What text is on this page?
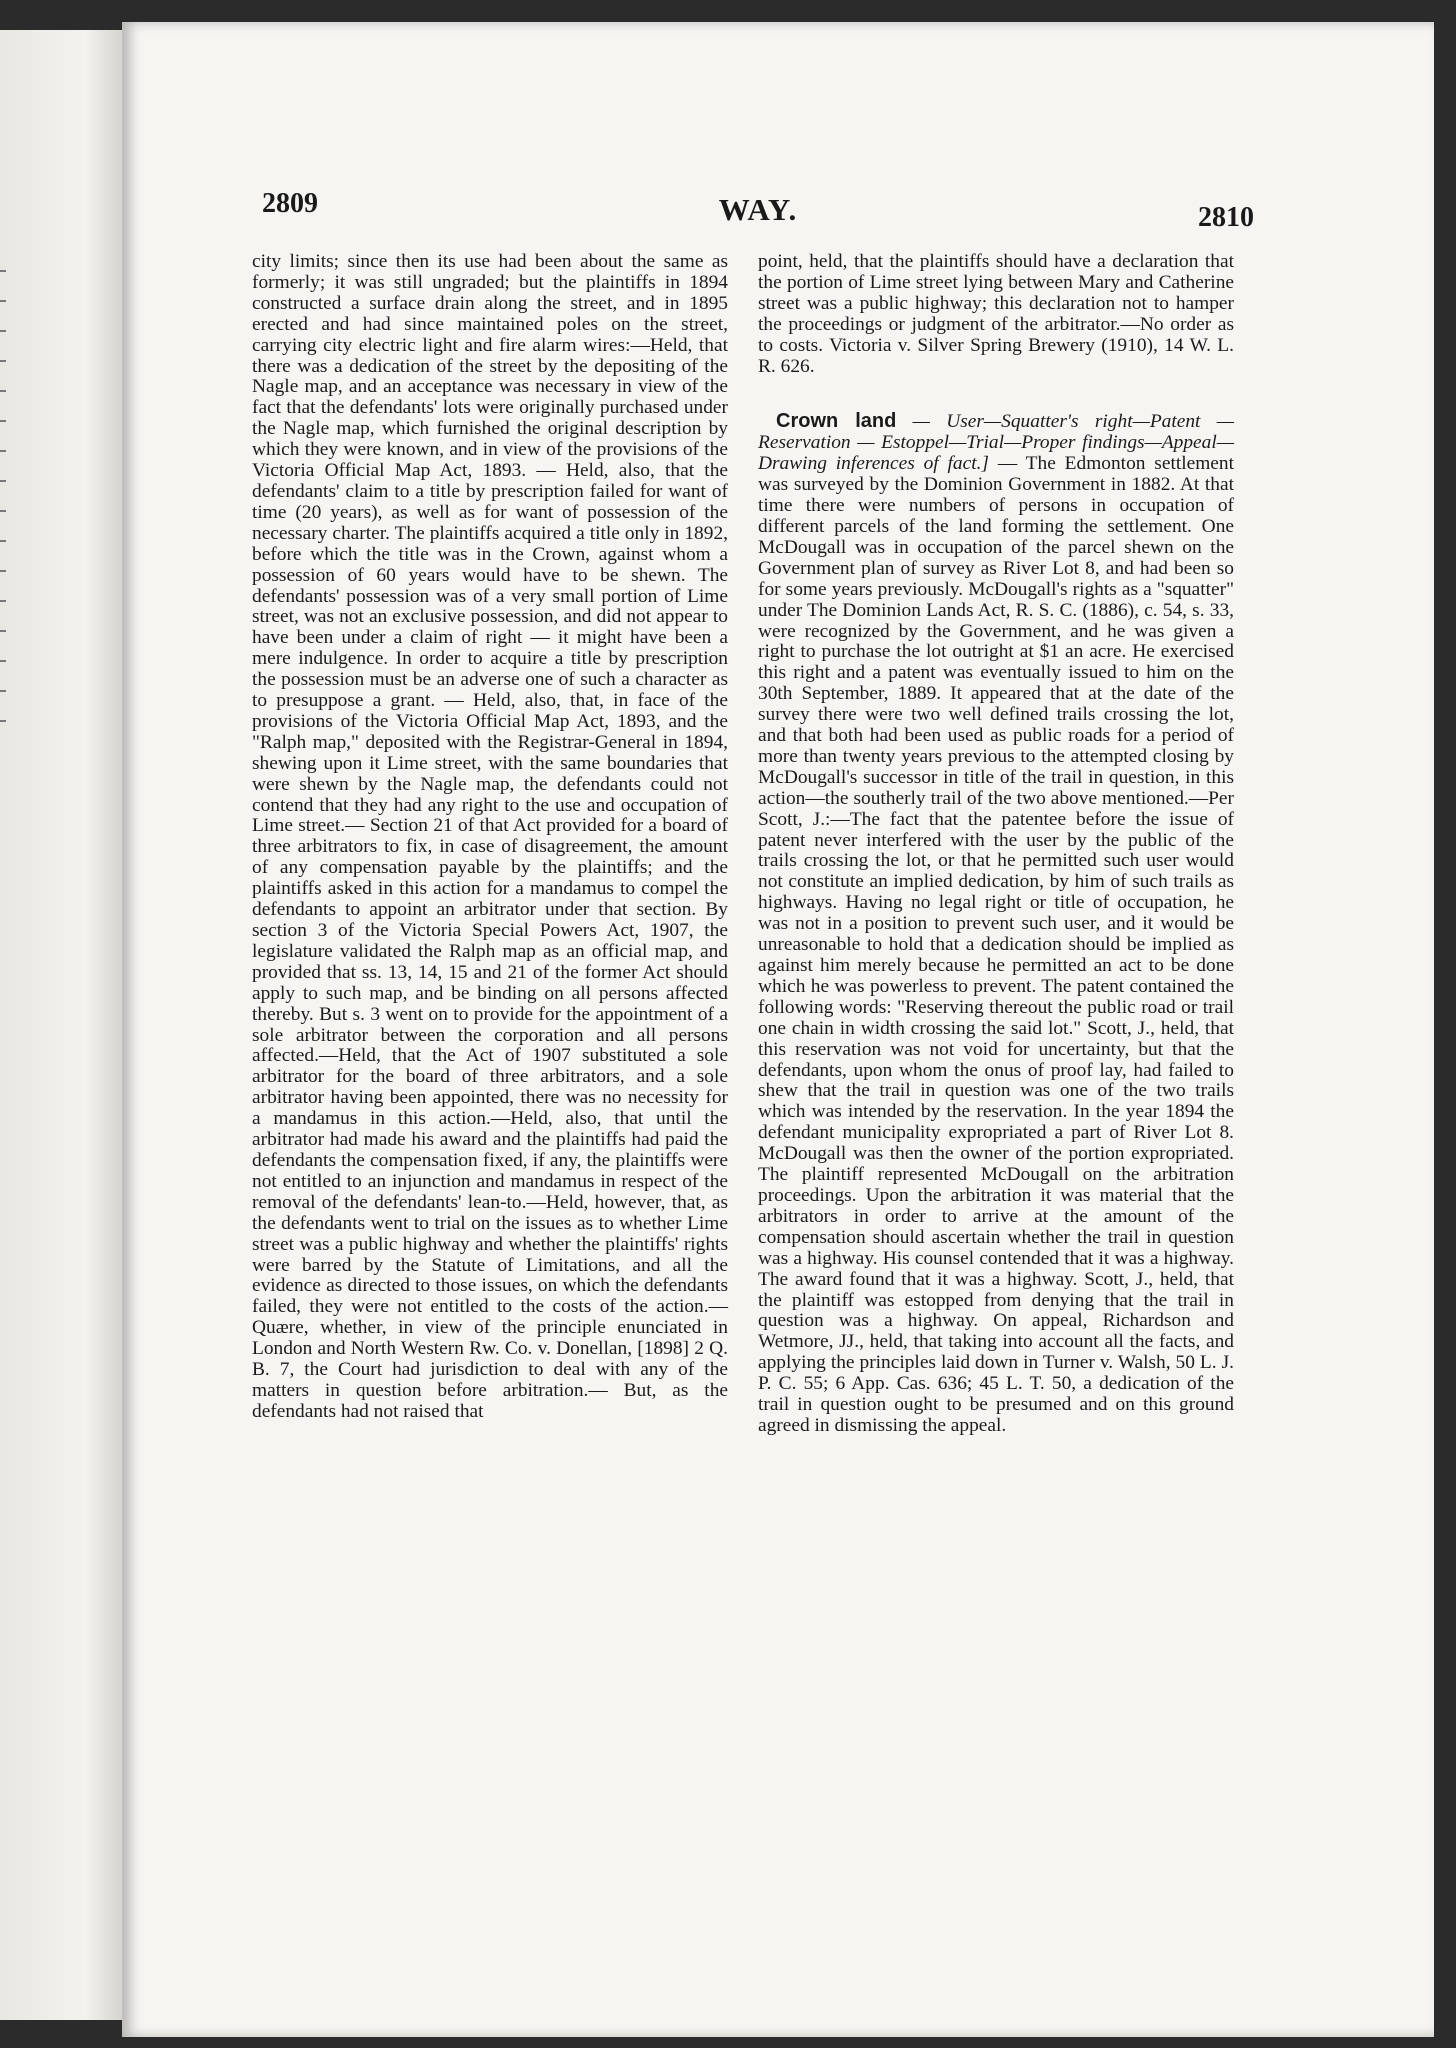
2809	WAY.	2810

city limits; since then its use had been about the same as formerly; it was still ungraded; but the plaintiffs in 1894 constructed a surface drain along the street, and in 1895 erected and had since maintained poles on the street, carrying city electric light and fire alarm wires:—Held, that there was a dedication of the street by the depositing of the Nagle map, and an acceptance was necessary in view of the fact that the defendants' lots were originally purchased under the Nagle map, which furnished the original description by which they were known, and in view of the provisions of the Victoria Official Map Act, 1893. — Held, also, that the defendants' claim to a title by prescription failed for want of time (20 years), as well as for want of possession of the necessary charter. The plaintiffs acquired a title only in 1892, before which the title was in the Crown, against whom a possession of 60 years would have to be shewn. The defendants' possession was of a very small portion of Lime street, was not an exclusive possession, and did not appear to have been under a claim of right — it might have been a mere indulgence. In order to acquire a title by prescription the possession must be an adverse one of such a character as to presuppose a grant. — Held, also, that, in face of the provisions of the Victoria Official Map Act, 1893, and the "Ralph map," deposited with the Registrar-General in 1894, shewing upon it Lime street, with the same boundaries that were shewn by the Nagle map, the defendants could not contend that they had any right to the use and occupation of Lime street.— Section 21 of that Act provided for a board of three arbitrators to fix, in case of disagreement, the amount of any compensation payable by the plaintiffs; and the plaintiffs asked in this action for a mandamus to compel the defendants to appoint an arbitrator under that section. By section 3 of the Victoria Special Powers Act, 1907, the legislature validated the Ralph map as an official map, and provided that ss. 13, 14, 15 and 21 of the former Act should apply to such map, and be binding on all persons affected thereby. But s. 3 went on to provide for the appointment of a sole arbitrator between the corporation and all persons affected.—Held, that the Act of 1907 substituted a sole arbitrator for the board of three arbitrators, and a sole arbitrator having been appointed, there was no necessity for a mandamus in this action.—Held, also, that until the arbitrator had made his award and the plaintiffs had paid the defendants the compensation fixed, if any, the plaintiffs were not entitled to an injunction and mandamus in respect of the removal of the defendants' lean-to.—Held, however, that, as the defendants went to trial on the issues as to whether Lime street was a public highway and whether the plaintiffs' rights were barred by the Statute of Limitations, and all the evidence as directed to those issues, on which the defendants failed, they were not entitled to the costs of the action.— Quære, whether, in view of the principle enunciated in London and North Western Rw. Co. v. Donellan, [1898] 2 Q. B. 7, the Court had jurisdiction to deal with any of the matters in question before arbitration.— But, as the defendants had not raised that

point, held, that the plaintiffs should have a declaration that the portion of Lime street lying between Mary and Catherine street was a public highway; this declaration not to hamper the proceedings or judgment of the arbitrator.—No order as to costs. Victoria v. Silver Spring Brewery (1910), 14 W. L. R. 626.

Crown land — User—Squatter's right—Patent — Reservation — Estoppel—Trial—Proper findings—Appeal—Drawing inferences of fact.] — The Edmonton settlement was surveyed by the Dominion Government in 1882. At that time there were numbers of persons in occupation of different parcels of the land forming the settlement. One McDougall was in occupation of the parcel shewn on the Government plan of survey as River Lot 8, and had been so for some years previously. McDougall's rights as a "squatter" under The Dominion Lands Act, R. S. C. (1886), c. 54, s. 33, were recognized by the Government, and he was given a right to purchase the lot outright at $1 an acre. He exercised this right and a patent was eventually issued to him on the 30th September, 1889. It appeared that at the date of the survey there were two well defined trails crossing the lot, and that both had been used as public roads for a period of more than twenty years previous to the attempted closing by McDougall's successor in title of the trail in question, in this action—the southerly trail of the two above mentioned.—Per Scott, J.:—The fact that the patentee before the issue of patent never interfered with the user by the public of the trails crossing the lot, or that he permitted such user would not constitute an implied dedication, by him of such trails as highways. Having no legal right or title of occupation, he was not in a position to prevent such user, and it would be unreasonable to hold that a dedication should be implied as against him merely because he permitted an act to be done which he was powerless to prevent. The patent contained the following words: "Reserving thereout the public road or trail one chain in width crossing the said lot." Scott, J., held, that this reservation was not void for uncertainty, but that the defendants, upon whom the onus of proof lay, had failed to shew that the trail in question was one of the two trails which was intended by the reservation. In the year 1894 the defendant municipality expropriated a part of River Lot 8. McDougall was then the owner of the portion expropriated. The plaintiff represented McDougall on the arbitration proceedings. Upon the arbitration it was material that the arbitrators in order to arrive at the amount of the compensation should ascertain whether the trail in question was a highway. His counsel contended that it was a highway. The award found that it was a highway. Scott, J., held, that the plaintiff was estopped from denying that the trail in question was a highway. On appeal, Richardson and Wetmore, JJ., held, that taking into account all the facts, and applying the principles laid down in Turner v. Walsh, 50 L. J. P. C. 55; 6 App. Cas. 636; 45 L. T. 50, a dedication of the trail in question ought to be presumed and on this ground agreed in dismissing the appeal.
